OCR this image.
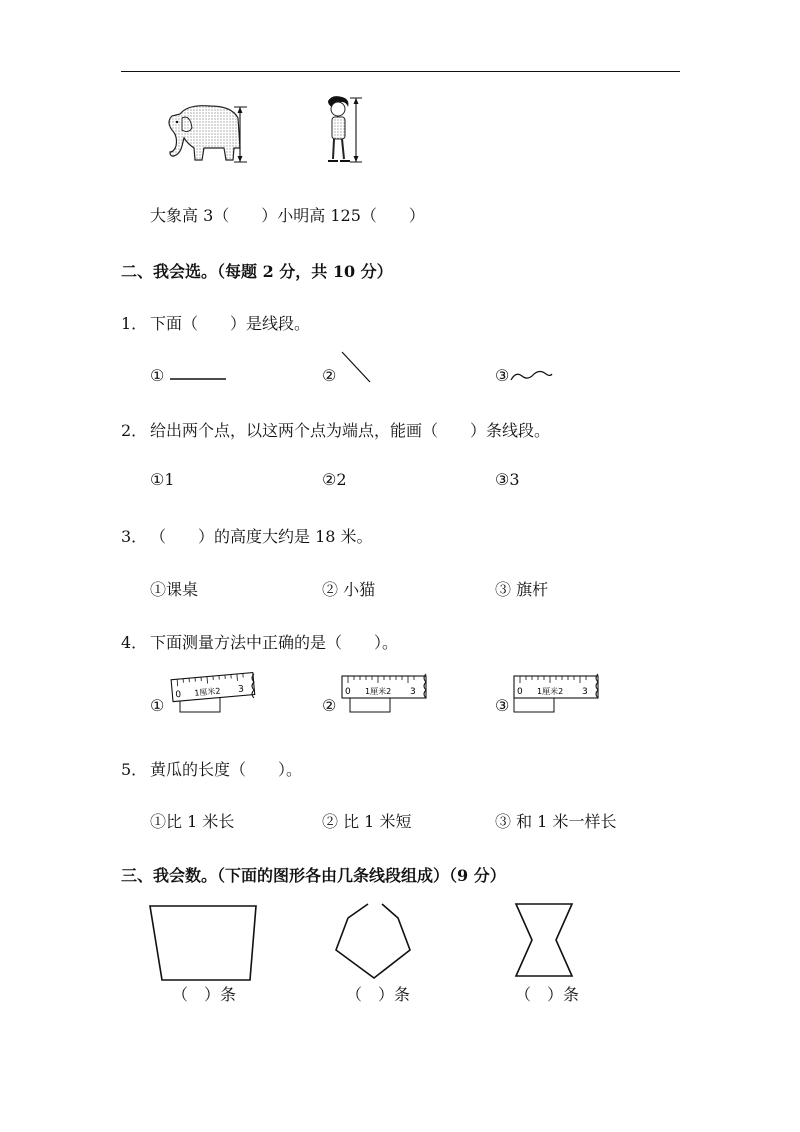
大象高 3（　　）小明高 125（　　）
二、我会选。（每题 2 分，共 10 分）
1． 下面（　　）是线段。
①	②	③
2． 给出两个点，以这两个点为端点，能画（　　）条线段。
①1	②2	③3
3． （　　）的高度大约是 18 米。
①课桌	② 小猫	③ 旗杆
4． 下面测量方法中正确的是（　　）。
①
0 1厘米2 3
②
0 1厘米2 3
③
0 1厘米2 3
5． 黄瓜的长度（　　）。
①比 1 米长	② 比 1 米短	③ 和 1 米一样长
三、我会数。（下面的图形各由几条线段组成）（9 分）
（　）条	（　）条	（　）条
